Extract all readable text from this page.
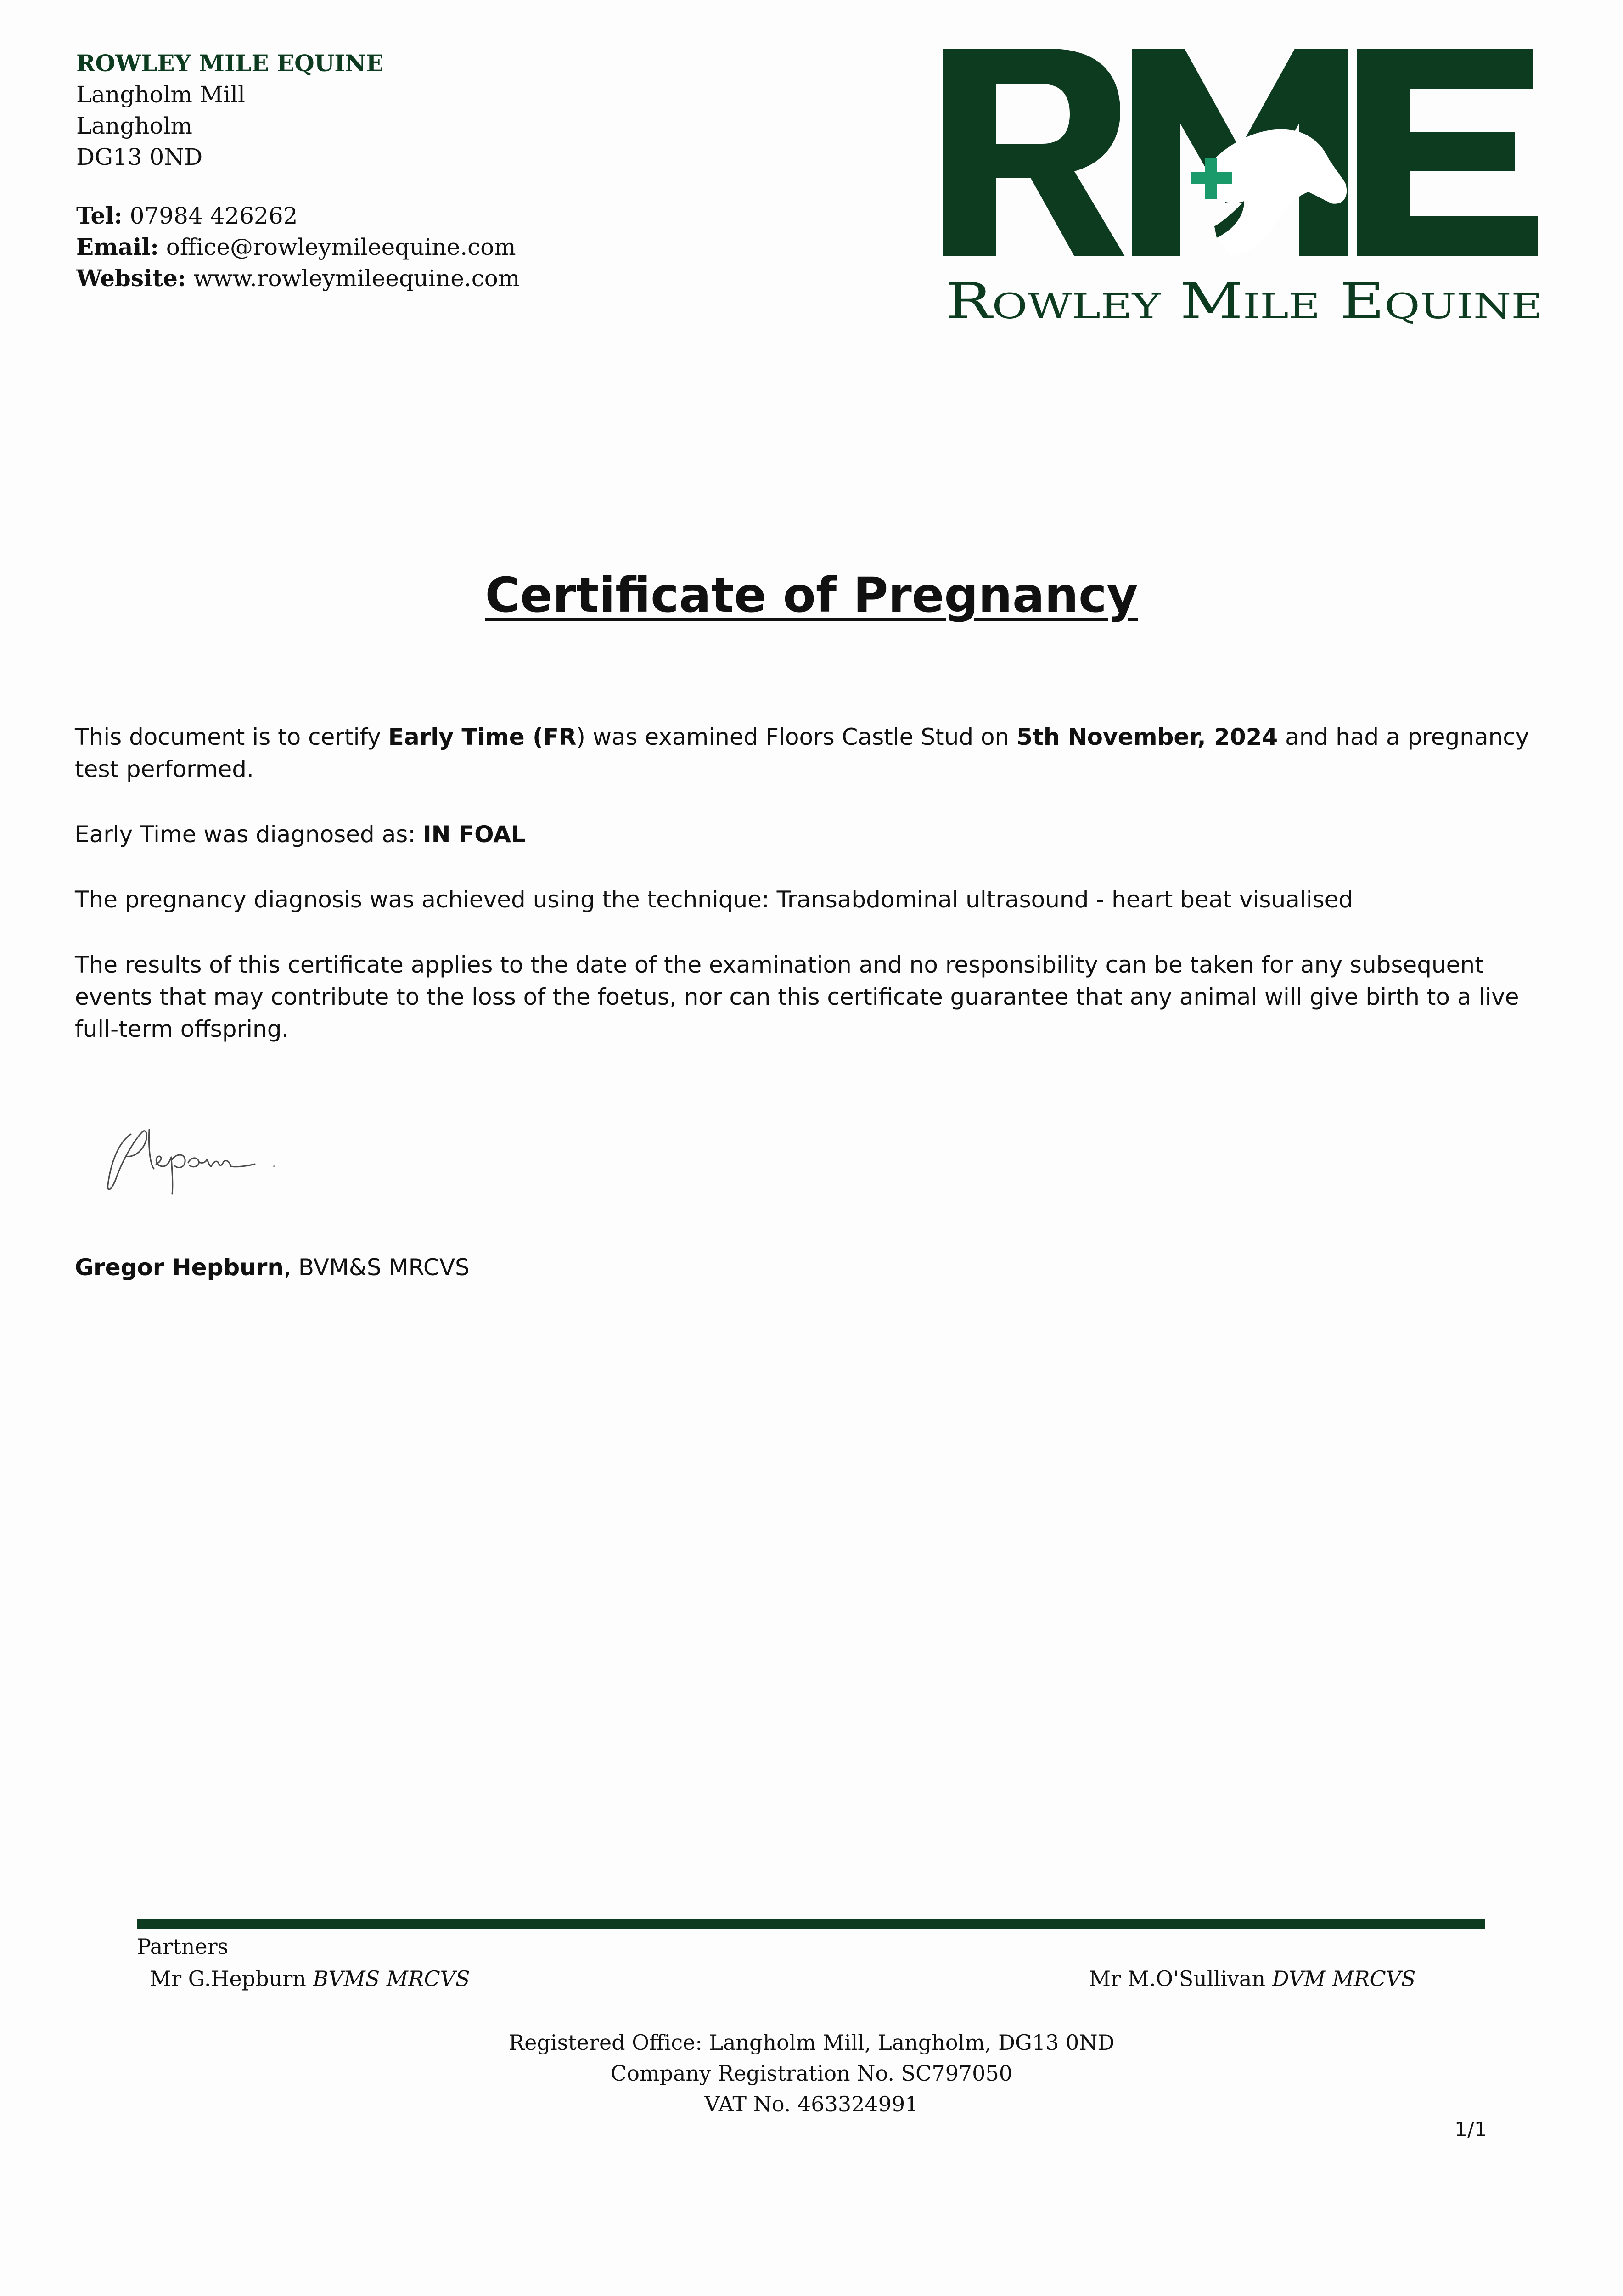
ROWLEY MILE EQUINE
Langholm Mill
Langholm
DG13 0ND
Tel: 07984 426262
Email: office@rowleymileequine.com
Website: www.rowleymileequine.com	Rowley Mile Equine
Certificate of Pregnancy

This document is to certify Early Time (FR) was examined Floors Castle Stud on 5th November, 2024 and had a pregnancy test performed.

Early Time was diagnosed as: IN FOAL

The pregnancy diagnosis was achieved using the technique: Transabdominal ultrasound - heart beat visualised

The results of this certificate applies to the date of the examination and no responsibility can be taken for any subsequent events that may contribute to the loss of the foetus, nor can this certificate guarantee that any animal will give birth to a live full-term offspring.

Gregor Hepburn, BVM&S MRCVS
Partners
Mr G.Hepburn BVMS MRCVS	Mr M.O'Sullivan DVM MRCVS
Registered Office: Langholm Mill, Langholm, DG13 0ND
Company Registration No. SC797050
VAT No. 463324991
1/1
